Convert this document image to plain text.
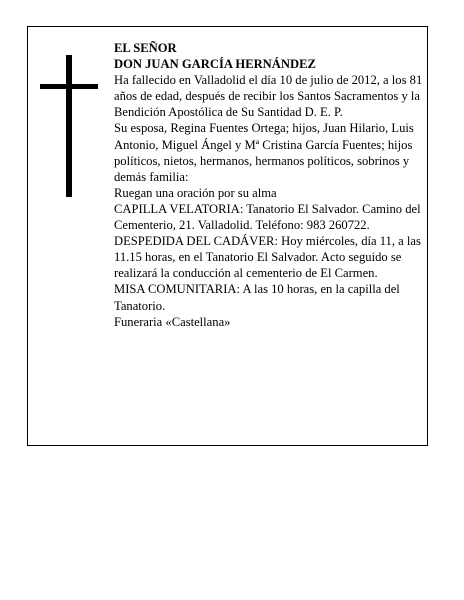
EL SEÑOR

DON JUAN GARCÍA HERNÁNDEZ

Ha fallecido en Valladolid el día 10 de julio de 2012, a los 81 años de edad, después de recibir los Santos Sacramentos y la Bendición Apostólica de Su Santidad D. E. P.

Su esposa, Regina Fuentes Ortega; hijos, Juan Hilario, Luis Antonio, Miguel Ángel y Mª Cristina García Fuentes; hijos políticos, nietos, hermanos, hermanos políticos, sobrinos y demás familia:

Ruegan una oración por su alma

CAPILLA VELATORIA: Tanatorio El Salvador. Camino del Cementerio, 21. Valladolid. Teléfono: 983 260722.

DESPEDIDA DEL CADÁVER: Hoy miércoles, día 11, a las 11.15 horas, en el Tanatorio El Salvador. Acto seguido se realizará la conducción al cementerio de El Carmen.

MISA COMUNITARIA: A las 10 horas, en la capilla del Tanatorio.

Funeraria «Castellana»
